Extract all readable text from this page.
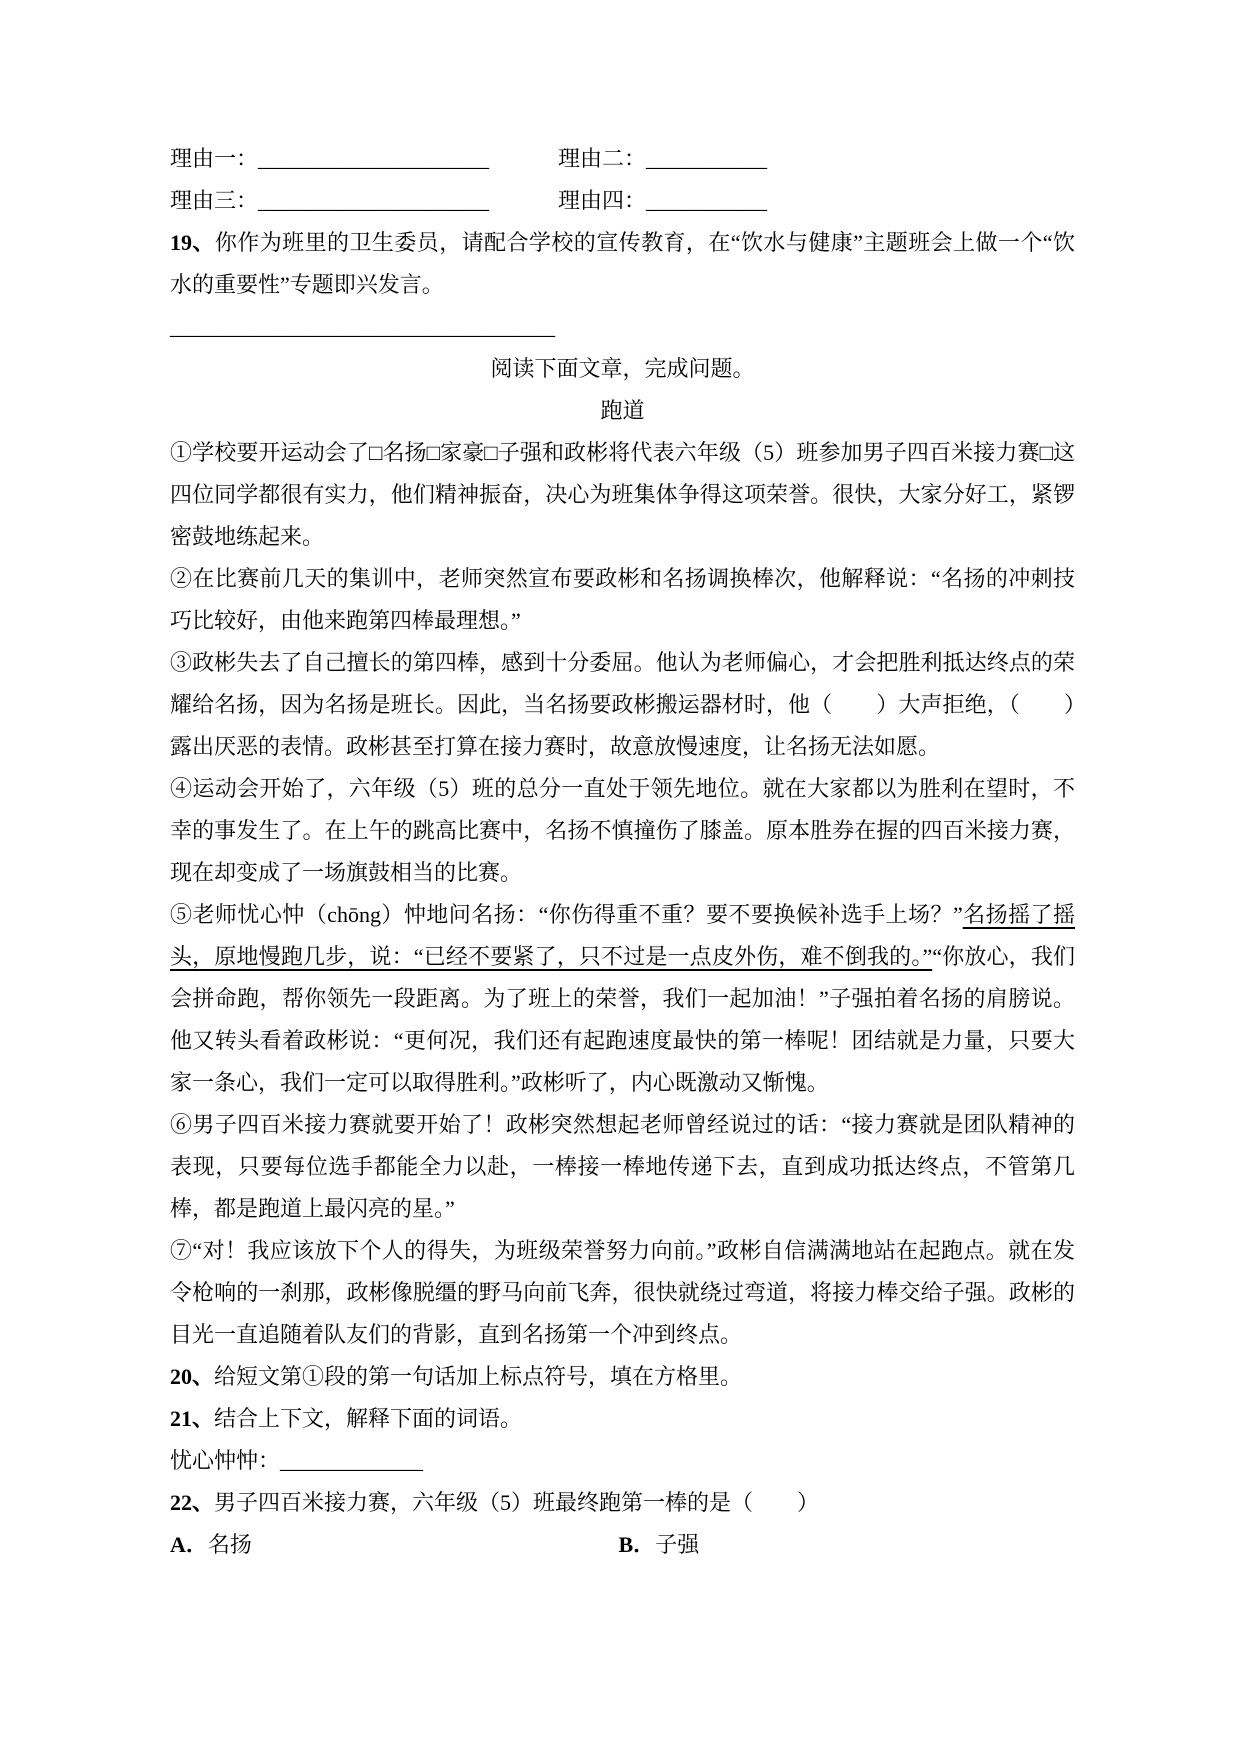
理由一：_____________________	理由二：___________
理由三：_____________________	理由四：___________

19、你作为班里的卫生委员，请配合学校的宣传教育，在“饮水与健康”主题班会上做一个“饮水的重要性”专题即兴发言。

___________________________________
阅读下面文章，完成问题。
跑道

①学校要开运动会了□名扬□家豪□子强和政彬将代表六年级（5）班参加男子四百米接力赛□这四位同学都很有实力，他们精神振奋，决心为班集体争得这项荣誉。很快，大家分好工，紧锣密鼓地练起来。

②在比赛前几天的集训中，老师突然宣布要政彬和名扬调换棒次，他解释说：“名扬的冲刺技巧比较好，由他来跑第四棒最理想。”

③政彬失去了自己擅长的第四棒，感到十分委屈。他认为老师偏心，才会把胜利抵达终点的荣耀给名扬，因为名扬是班长。因此，当名扬要政彬搬运器材时，他（　　）大声拒绝，（　　）露出厌恶的表情。政彬甚至打算在接力赛时，故意放慢速度，让名扬无法如愿。

④运动会开始了，六年级（5）班的总分一直处于领先地位。就在大家都以为胜利在望时，不幸的事发生了。在上午的跳高比赛中，名扬不慎撞伤了膝盖。原本胜券在握的四百米接力赛，现在却变成了一场旗鼓相当的比赛。

⑤老师忧心忡（chōng）忡地问名扬：“你伤得重不重？要不要换候补选手上场？”名扬摇了摇头，原地慢跑几步，说：“已经不要紧了，只不过是一点皮外伤，难不倒我的。”“你放心，我们会拼命跑，帮你领先一段距离。为了班上的荣誉，我们一起加油！”子强拍着名扬的肩膀说。他又转头看着政彬说：“更何况，我们还有起跑速度最快的第一棒呢！团结就是力量，只要大家一条心，我们一定可以取得胜利。”政彬听了，内心既激动又惭愧。

⑥男子四百米接力赛就要开始了！政彬突然想起老师曾经说过的话：“接力赛就是团队精神的表现，只要每位选手都能全力以赴，一棒接一棒地传递下去，直到成功抵达终点，不管第几棒，都是跑道上最闪亮的星。”

⑦“对！我应该放下个人的得失，为班级荣誉努力向前。”政彬自信满满地站在起跑点。就在发令枪响的一刹那，政彬像脱缰的野马向前飞奔，很快就绕过弯道，将接力棒交给子强。政彬的目光一直追随着队友们的背影，直到名扬第一个冲到终点。

20、给短文第①段的第一句话加上标点符号，填在方格里。

21、结合上下文，解释下面的词语。

忧心忡忡：_____________

22、男子四百米接力赛，六年级（5）班最终跑第一棒的是（　　）

A．名扬	B．子强
